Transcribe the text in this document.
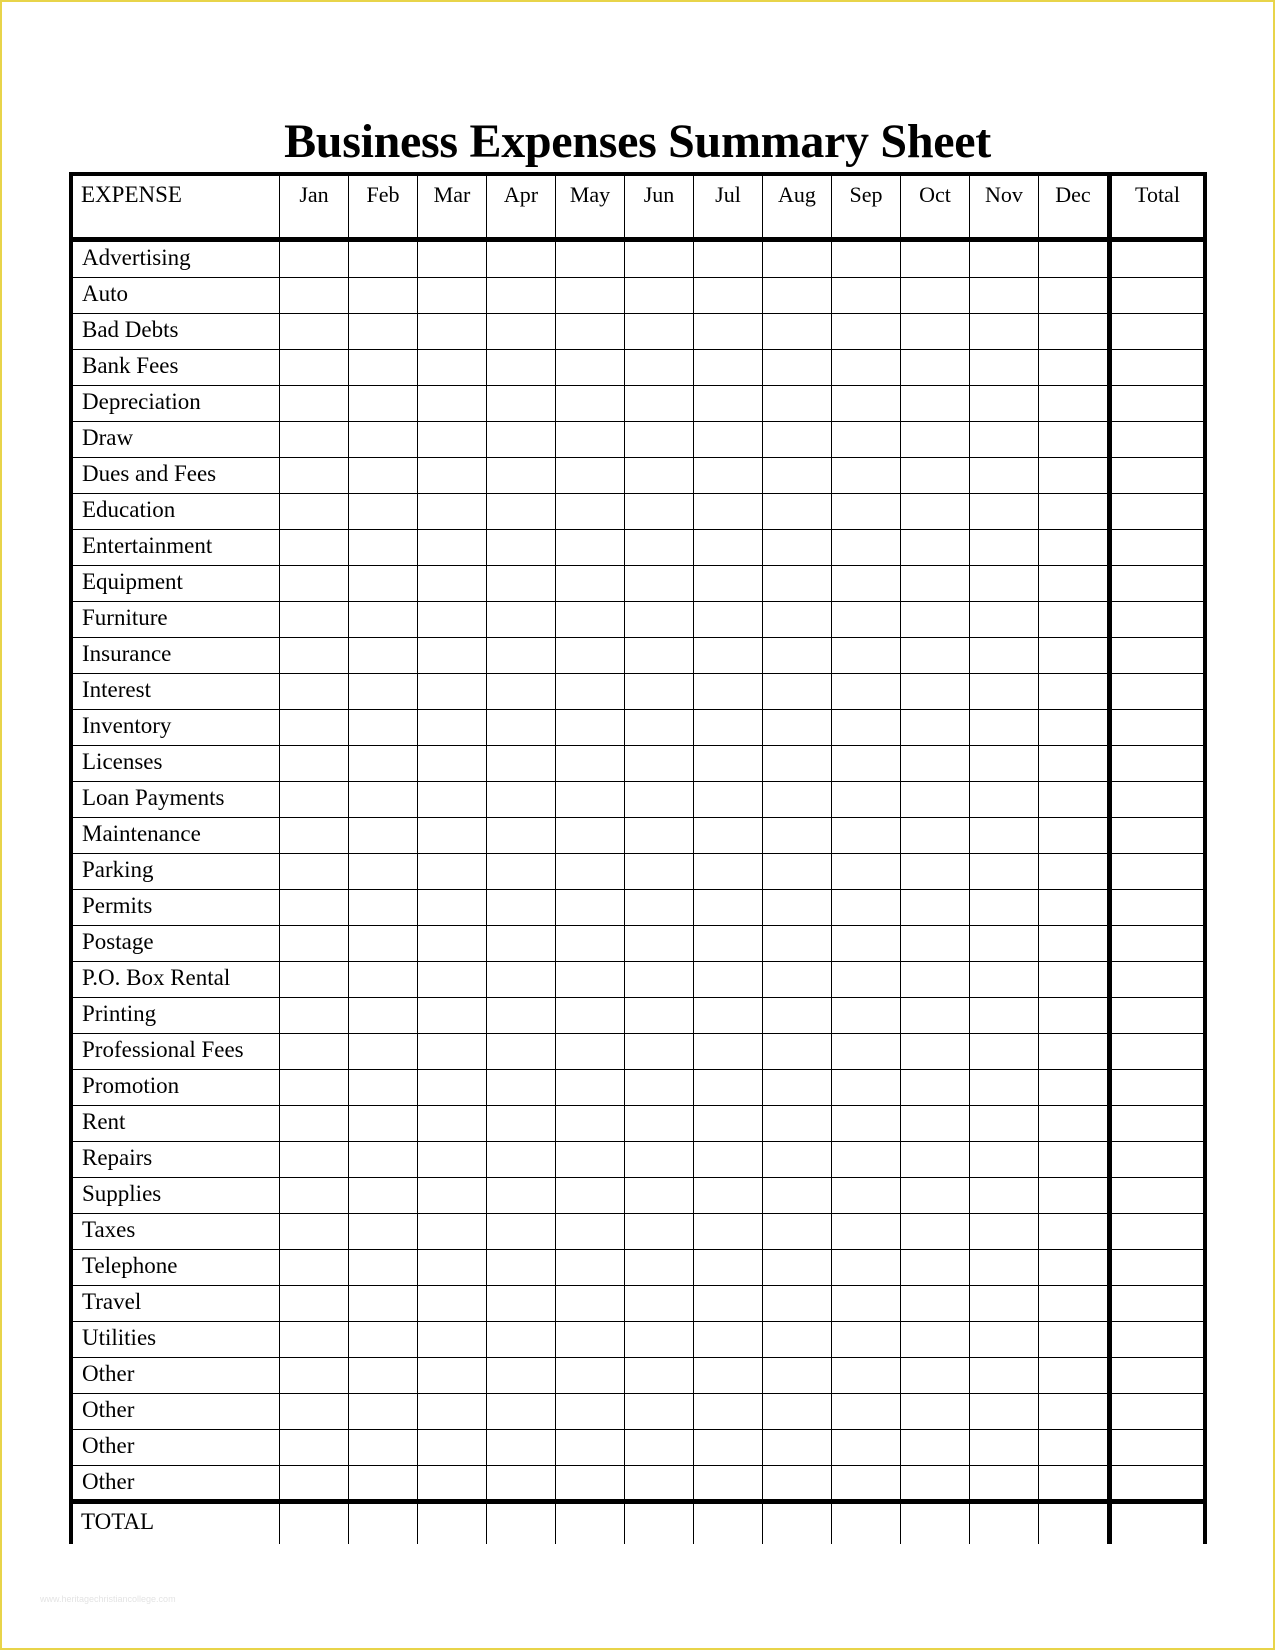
Business Expenses Summary Sheet
EXPENSE	Jan	Feb	Mar	Apr	May	Jun	Jul	Aug	Sep	Oct	Nov	Dec	Total
Advertising
Auto
Bad Debts
Bank Fees
Depreciation
Draw
Dues and Fees
Education
Entertainment
Equipment
Furniture
Insurance
Interest
Inventory
Licenses
Loan Payments
Maintenance
Parking
Permits
Postage
P.O. Box Rental
Printing
Professional Fees
Promotion
Rent
Repairs
Supplies
Taxes
Telephone
Travel
Utilities
Other
Other
Other
Other
TOTAL
www.heritagechristiancollege.com
